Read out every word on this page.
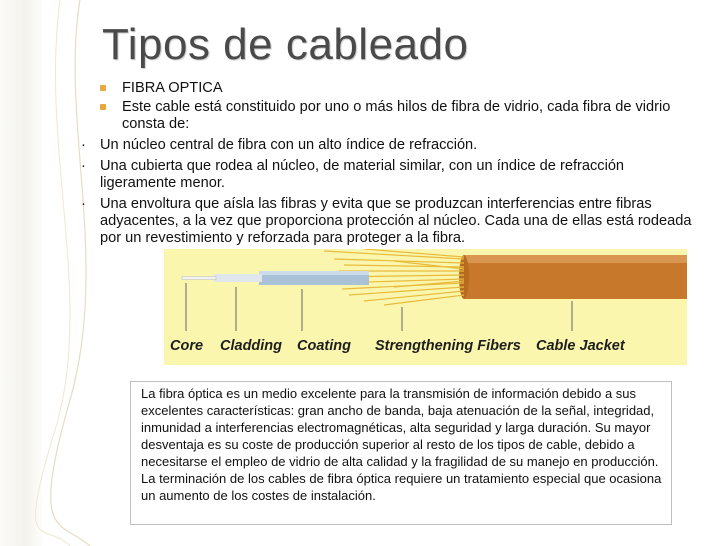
Tipos de cableado
FIBRA OPTICA
Este cable está constituido por uno o más hilos de fibra de vidrio, cada fibra de vidrio consta de:
· Un núcleo central de fibra con un alto índice de refracción.
· Una cubierta que rodea al núcleo, de material similar, con un índice de refracción ligeramente menor.
· Una envoltura que aísla las fibras y evita que se produzcan interferencias entre fibras adyacentes, a la vez que proporciona protección al núcleo. Cada una de ellas está rodeada por un revestimiento y reforzada para proteger a la fibra.
Core Cladding Coating Strengthening Fibers Cable Jacket

La fibra óptica es un medio excelente para la transmisión de información debido a sus excelentes características: gran ancho de banda, baja atenuación de la señal, integridad, inmunidad a interferencias electromagnéticas, alta seguridad y larga duración. Su mayor desventaja es su coste de producción superior al resto de los tipos de cable, debido a necesitarse el empleo de vidrio de alta calidad y la fragilidad de su manejo en producción. La terminación de los cables de fibra óptica requiere un tratamiento especial que ocasiona un aumento de los costes de instalación.
